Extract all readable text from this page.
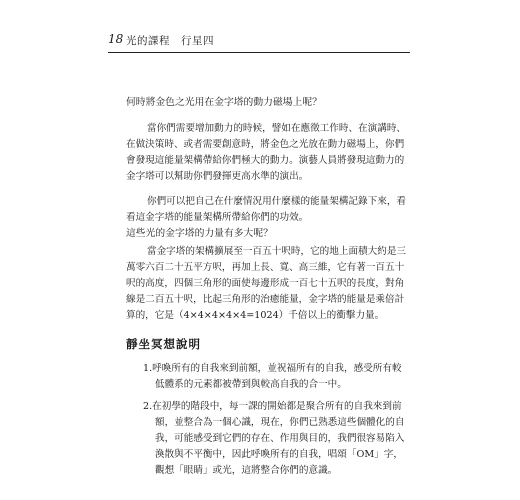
18 光的課程　行星四
何時將金色之光用在金字塔的動力磁場上呢？
當你們需要增加動力的時候，譬如在應徵工作時、在演講時、
在做決策時、或者需要創意時，將金色之光放在動力磁場上，你們
會發現這能量架構帶給你們極大的動力。演藝人員將發現這動力的
金字塔可以幫助你們發揮更高水準的演出。
你們可以把自己在什麼情況用什麼樣的能量架構記錄下來，看
看這金字塔的能量架構所帶給你們的功效。
這些光的金字塔的力量有多大呢？
當金字塔的架構擴展至一百五十呎時，它的地上面積大約是三
萬零六百二十五平方呎，再加上長、寬、高三維，它有著一百五十
呎的高度，四個三角形的面使每邊形成一百七十五呎的長度，對角
線是二百五十呎，比起三角形的治癒能量，金字塔的能量是乘倍計
算的，它是（4×4×4×4×4=1024）千倍以上的衝擊力量。
靜坐冥想說明
1.呼喚所有的自我來到前額，並祝福所有的自我，感受所有較
低體系的元素都被帶到與較高自我的合一中。
2.在初學的階段中，每一課的開始都是聚合所有的自我來到前
額，並整合為一個心識，現在，你們已熟悉這些個體化的自
我，可能感受到它們的存在、作用與目的，我們很容易陷入
渙散與不平衡中，因此呼喚所有的自我，唱頌「OM」字，
觀想「眼睛」或光，這將整合你們的意識。
